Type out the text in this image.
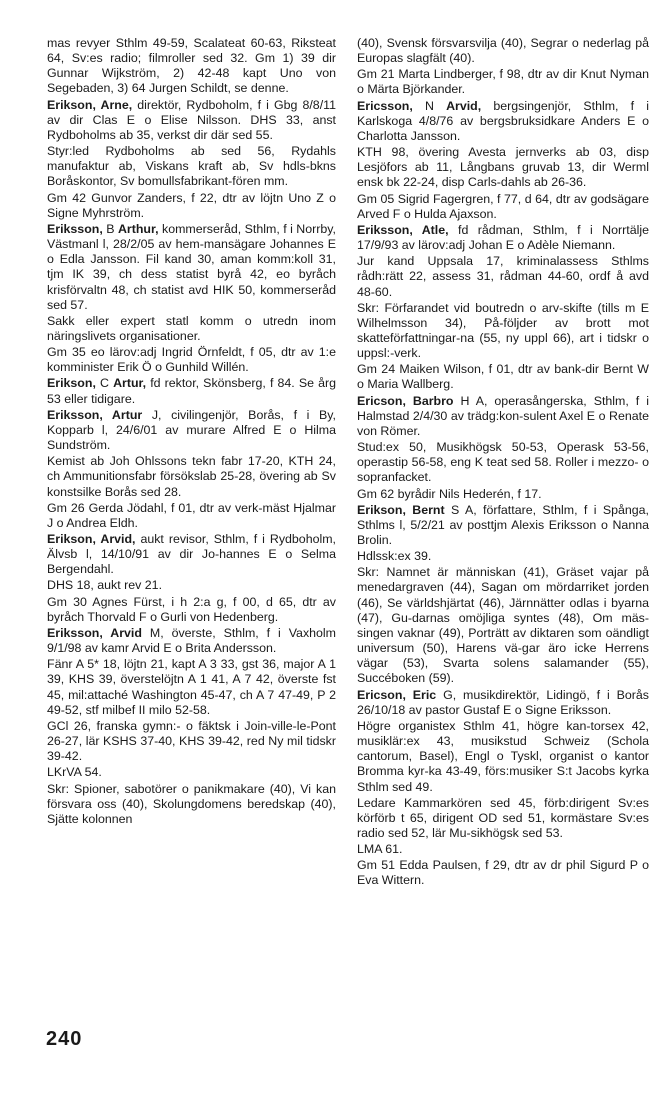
mas revyer Sthlm 49-59, Scalateat 60-63, Riksteat 64, Sv:es radio; filmroller sed 32. Gm 1) 39 dir Gunnar Wijkström, 2) 42-48 kapt Uno von Segebaden, 3) 64 Jurgen Schildt, se denne.

Erikson, Arne, direktör, Rydboholm, f i Gbg 8/8/11 av dir Clas E o Elise Nilsson. DHS 33, anst Rydboholms ab 35, verkst dir där sed 55.

Styr:led Rydboholms ab sed 56, Rydahls manufaktur ab, Viskans kraft ab, Sv hdls-bkns Boråskontor, Sv bomullsfabrikant-fören mm.

Gm 42 Gunvor Zanders, f 22, dtr av löjtn Uno Z o Signe Myhrström.

Eriksson, B Arthur, kommerseråd, Sthlm, f i Norrby, Västmanl l, 28/2/05 av hem-mansägare Johannes E o Edla Jansson. Fil kand 30, aman komm:koll 31, tjm IK 39, ch dess statist byrå 42, eo byråch krisförvaltn 48, ch statist avd HIK 50, kommerseråd sed 57.

Sakk eller expert statl komm o utredn inom näringslivets organisationer.

Gm 35 eo lärov:adj Ingrid Örnfeldt, f 05, dtr av 1:e komminister Erik Ö o Gunhild Willén.

Erikson, C Artur, fd rektor, Skönsberg, f 84. Se årg 53 eller tidigare.

Eriksson, Artur J, civilingenjör, Borås, f i By, Kopparb l, 24/6/01 av murare Alfred E o Hilma Sundström.

Kemist ab Joh Ohlssons tekn fabr 17-20, KTH 24, ch Ammunitionsfabr försökslab 25-28, övering ab Sv konstsilke Borås sed 28.

Gm 26 Gerda Jödahl, f 01, dtr av verk-mäst Hjalmar J o Andrea Eldh.

Erikson, Arvid, aukt revisor, Sthlm, f i Rydboholm, Älvsb l, 14/10/91 av dir Jo-hannes E o Selma Bergendahl.

DHS 18, aukt rev 21.

Gm 30 Agnes Fürst, i h 2:a g, f 00, d 65, dtr av byråch Thorvald F o Gurli von Hedenberg.

Eriksson, Arvid M, överste, Sthlm, f i Vaxholm 9/1/98 av kamr Arvid E o Brita Andersson.

Fänr A 5* 18, löjtn 21, kapt A 3 33, gst 36, major A 1 39, KHS 39, överstelöjtn A 1 41, A 7 42, överste fst 45, mil:attaché Washington 45-47, ch A 7 47-49, P 2 49-52, stf milbef II milo 52-58.

GCl 26, franska gymn:- o fäktsk i Join-ville-le-Pont 26-27, lär KSHS 37-40, KHS 39-42, red Ny mil tidskr 39-42.

LKrVA 54.

Skr: Spioner, sabotörer o panikmakare (40), Vi kan försvara oss (40), Skolungdomens beredskap (40), Sjätte kolonnen

(40), Svensk försvarsvilja (40), Segrar o nederlag på Europas slagfält (40).

Gm 21 Marta Lindberger, f 98, dtr av dir Knut Nyman o Märta Björkander.

Ericsson, N Arvid, bergsingenjör, Sthlm, f i Karlskoga 4/8/76 av bergsbruksidkare Anders E o Charlotta Jansson.

KTH 98, övering Avesta jernverks ab 03, disp Lesjöfors ab 11, Långbans gruvab 13, dir Werml ensk bk 22-24, disp Carls-dahls ab 26-36.

Gm 05 Sigrid Fagergren, f 77, d 64, dtr av godsägare Arved F o Hulda Ajaxson.

Eriksson, Atle, fd rådman, Sthlm, f i Norrtälje 17/9/93 av lärov:adj Johan E o Adèle Niemann.

Jur kand Uppsala 17, kriminalassess Sthlms rådh:rätt 22, assess 31, rådman 44-60, ordf å avd 48-60.

Skr: Förfarandet vid boutredn o arv-skifte (tills m E Wilhelmsson 34), På-följder av brott mot skatteförfattningar-na (55, ny uppl 66), art i tidskr o uppsl:-verk.

Gm 24 Maiken Wilson, f 01, dtr av bank-dir Bernt W o Maria Wallberg.

Ericson, Barbro H A, operasångerska, Sthlm, f i Halmstad 2/4/30 av trädg:kon-sulent Axel E o Renate von Römer.

Stud:ex 50, Musikhögsk 50-53, Operask 53-56, operastip 56-58, eng K teat sed 58. Roller i mezzo- o sopranfacket.

Gm 62 byrådir Nils Hederén, f 17.

Erikson, Bernt S A, författare, Sthlm, f i Spånga, Sthlms l, 5/2/21 av posttjm Alexis Eriksson o Nanna Brolin.

Hdlssk:ex 39.

Skr: Namnet är människan (41), Gräset vajar på menedargraven (44), Sagan om mördarriket jorden (46), Se världshjärtat (46), Järnnätter odlas i byarna (47), Gu-darnas omöjliga syntes (48), Om mäs-singen vaknar (49), Porträtt av diktaren som oändligt universum (50), Harens vä-gar äro icke Herrens vägar (53), Svarta solens salamander (55), Succéboken (59).

Ericson, Eric G, musikdirektör, Lidingö, f i Borås 26/10/18 av pastor Gustaf E o Signe Eriksson.

Högre organistex Sthlm 41, högre kan-torsex 42, musiklär:ex 43, musikstud Schweiz (Schola cantorum, Basel), Engl o Tyskl, organist o kantor Bromma kyr-ka 43-49, förs:musiker S:t Jacobs kyrka Sthlm sed 49.

Ledare Kammarkören sed 45, förb:dirigent Sv:es körförb t 65, dirigent OD sed 51, kormästare Sv:es radio sed 52, lär Mu-sikhögsk sed 53.

LMA 61.

Gm 51 Edda Paulsen, f 29, dtr av dr phil Sigurd P o Eva Wittern.

240
